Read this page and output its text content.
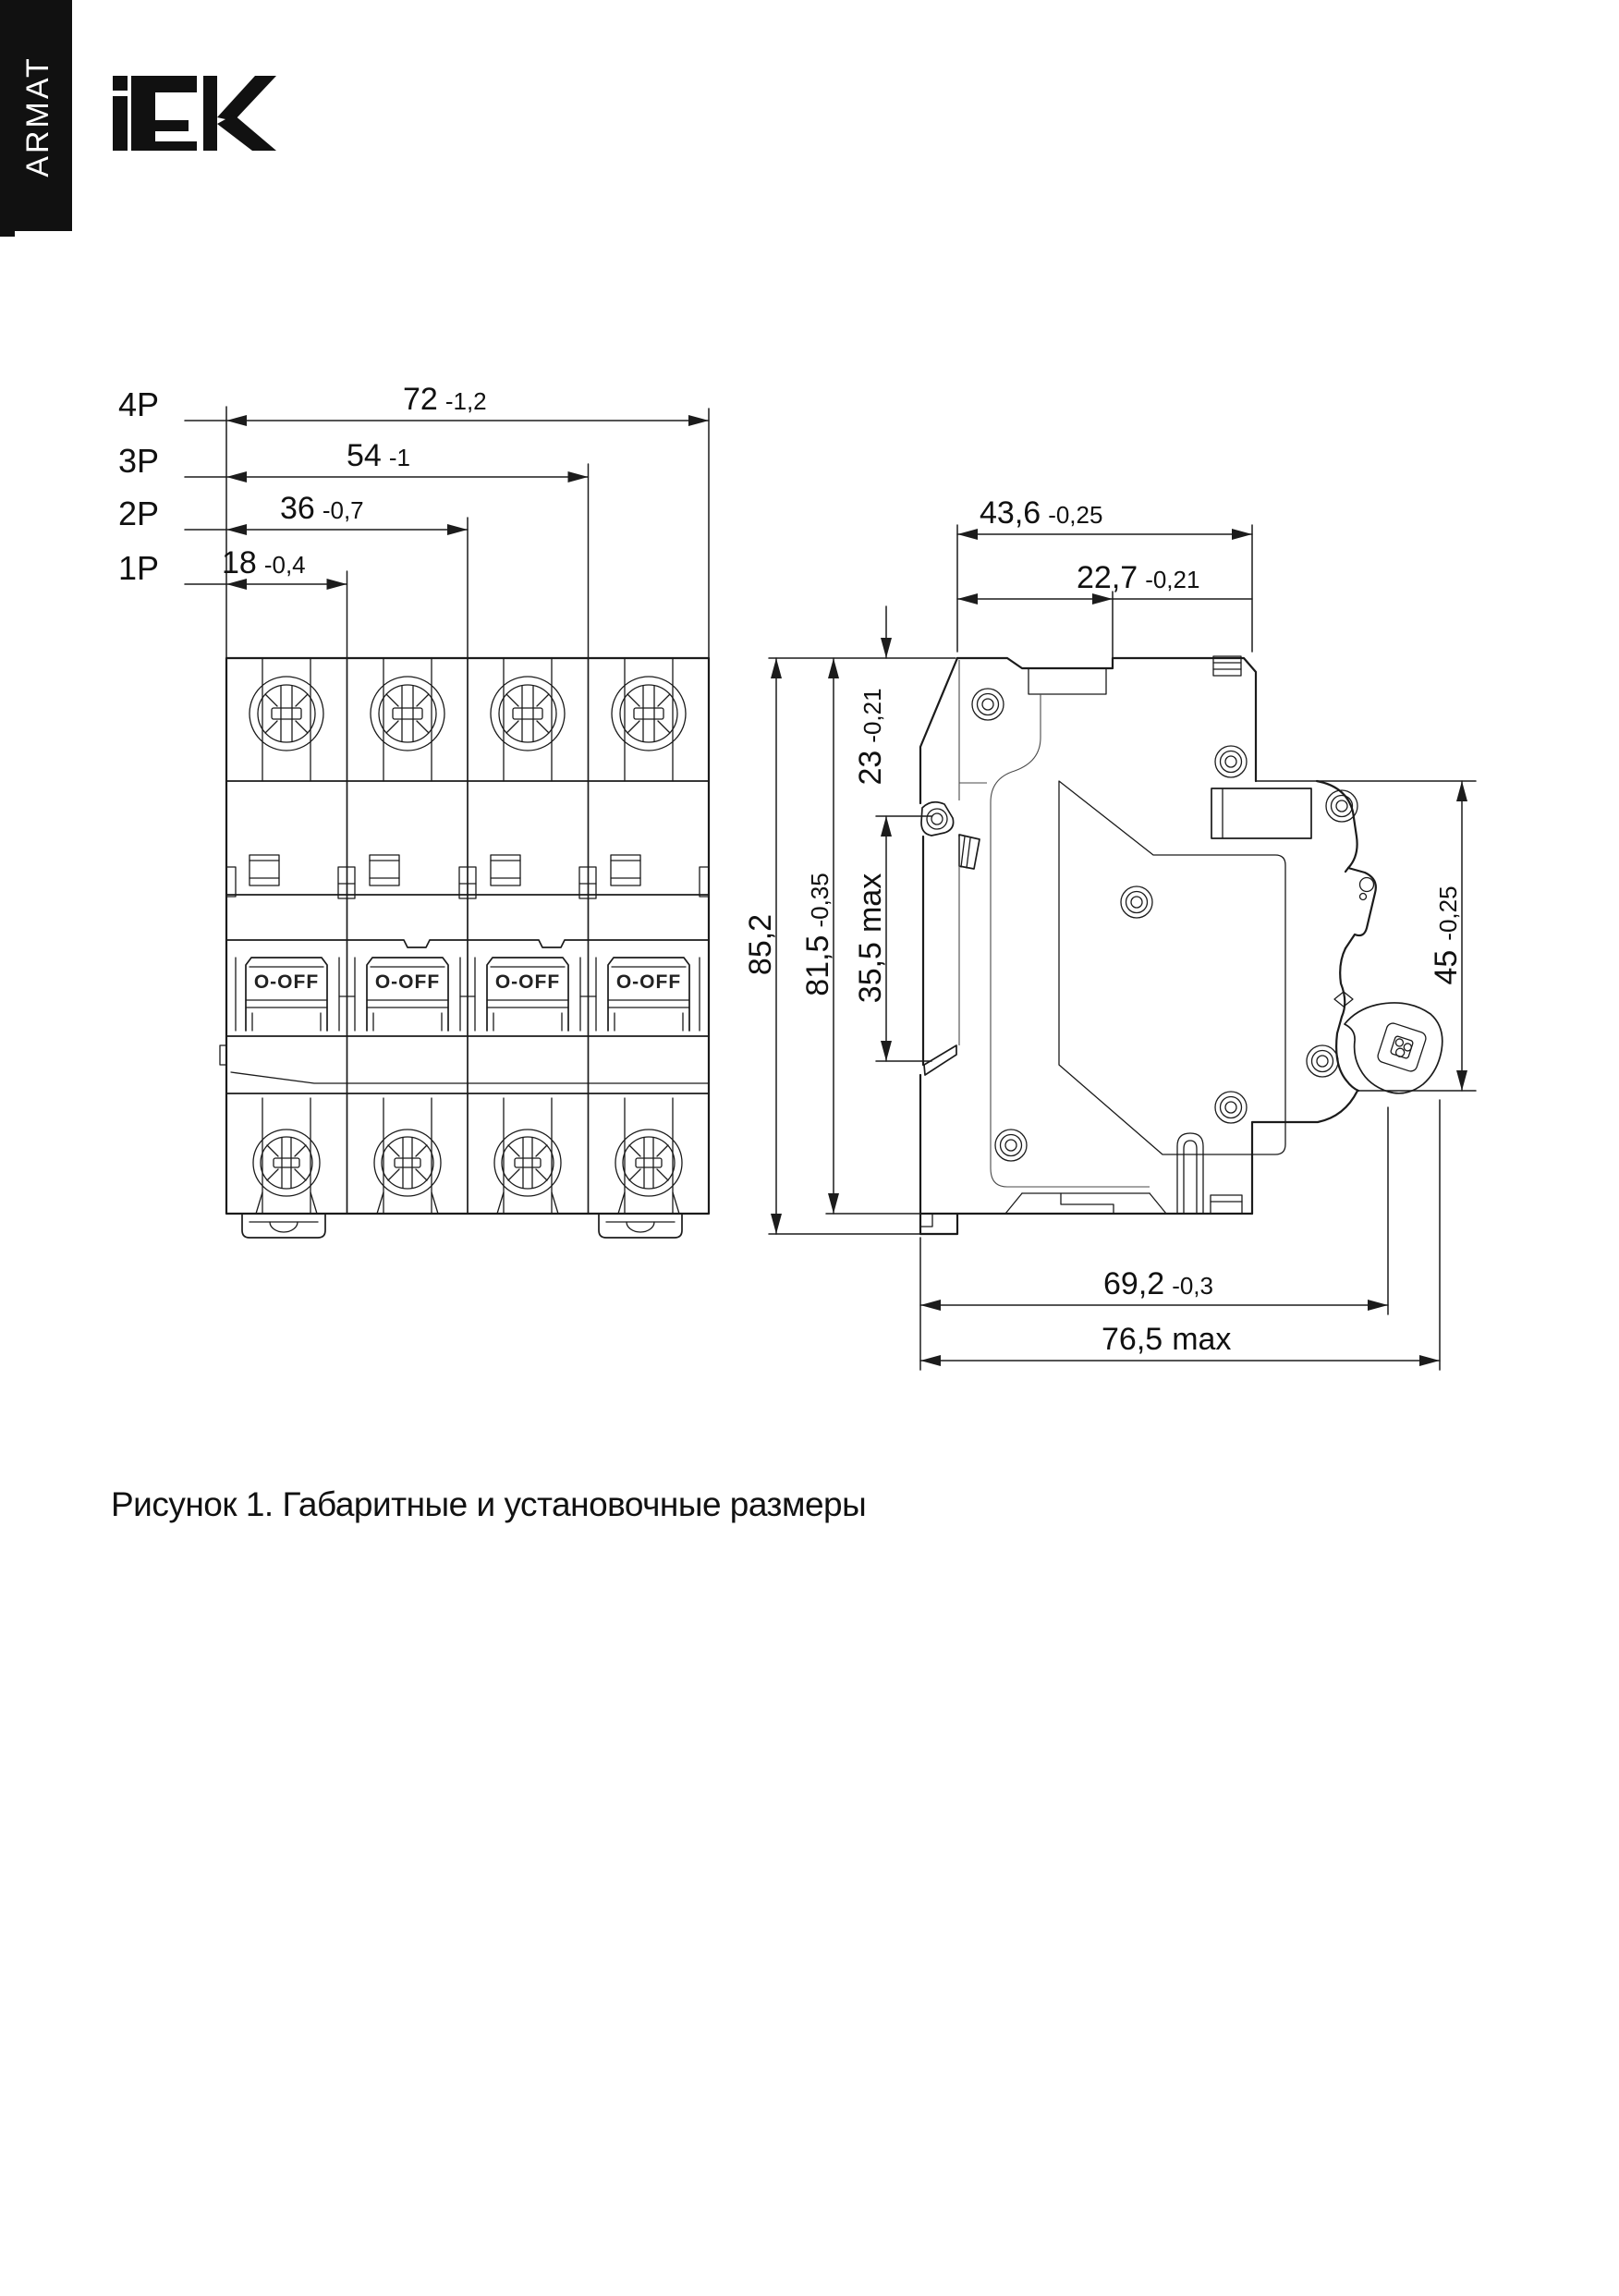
ARMAT
O-OFF	O-OFF	O-OFF	O-OFF
4P	72 -1,2
3P	54 -1
2P	36 -0,7
1P 18 -0,4
43,6 -0,25
22,7 -0,21
85,2 81,5-0,35
23-0,21
35,5max
45-0,25
69,2 -0,3
76,5 max
Рисунок 1. Габаритные и установочные размеры
